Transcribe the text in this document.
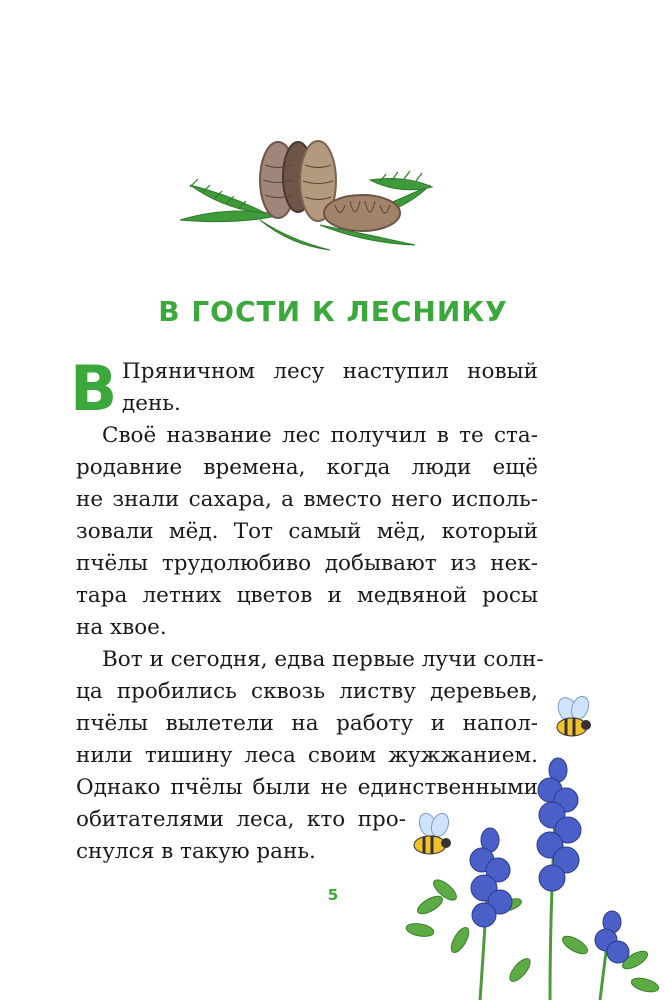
В ГОСТИ К ЛЕСНИКУ
В Пряничном лесу наступил новый
день.
Своё название лес получил в те ста-
родавние времена, когда люди ещё
не знали сахара, а вместо него исполь-
зовали мёд. Тот самый мёд, который
пчёлы трудолюбиво добывают из нек-
тара летних цветов и медвяной росы
на хвое.
Вот и сегодня, едва первые лучи солн-
ца пробились сквозь листву деревьев,
пчёлы вылетели на работу и напол-
нили тишину леса своим жужжанием.
Однако пчёлы были не единственными
обитателями леса, кто про-
снулся в такую рань.
5
